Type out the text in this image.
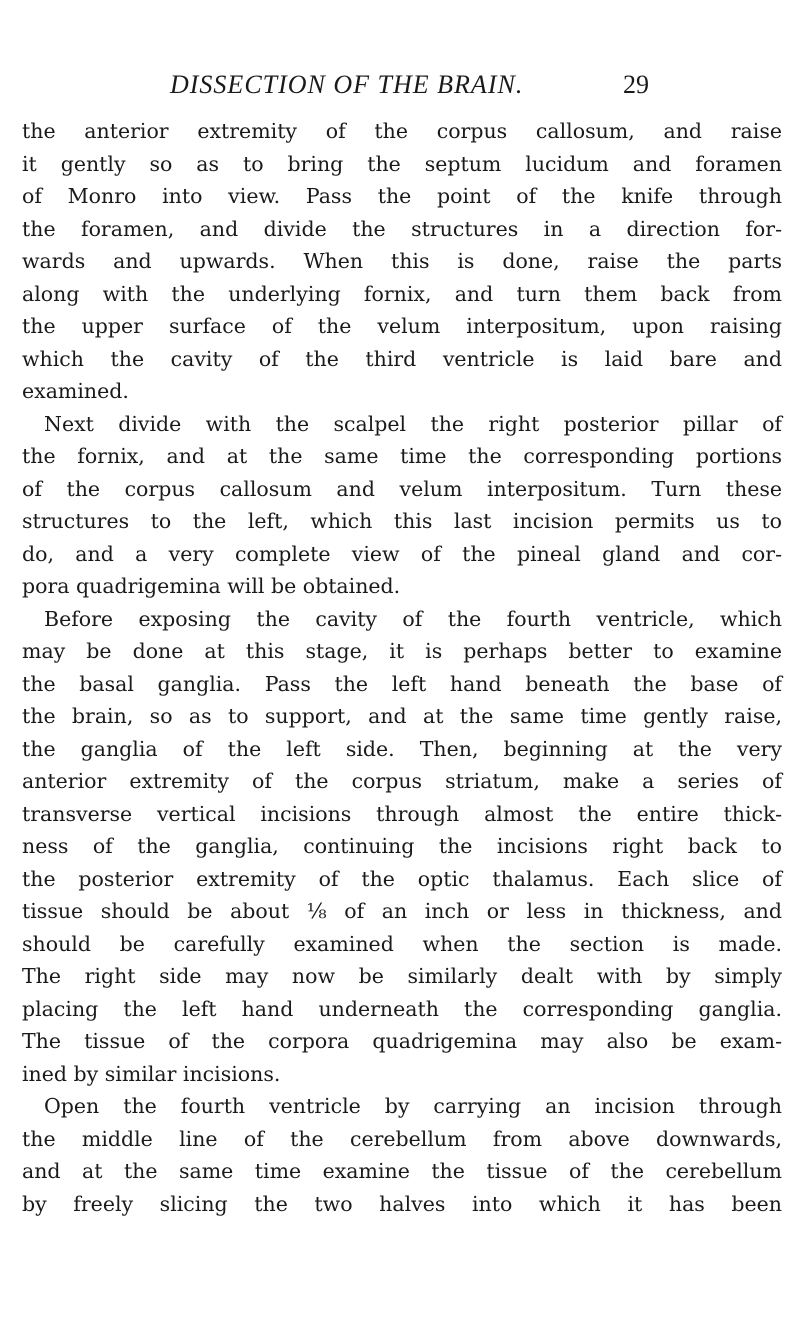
DISSECTION OF THE BRAIN.	29
the anterior extremity of the corpus callosum, and raise
it gently so as to bring the septum lucidum and foramen
of Monro into view. Pass the point of the knife through
the foramen, and divide the structures in a direction for-
wards and upwards. When this is done, raise the parts
along with the underlying fornix, and turn them back from
the upper surface of the velum interpositum, upon raising
which the cavity of the third ventricle is laid bare and
examined.
Next divide with the scalpel the right posterior pillar of
the fornix, and at the same time the corresponding portions
of the corpus callosum and velum interpositum. Turn these
structures to the left, which this last incision permits us to
do, and a very complete view of the pineal gland and cor-
pora quadrigemina will be obtained.
Before exposing the cavity of the fourth ventricle, which
may be done at this stage, it is perhaps better to examine
the basal ganglia. Pass the left hand beneath the base of
the brain, so as to support, and at the same time gently raise,
the ganglia of the left side. Then, beginning at the very
anterior extremity of the corpus striatum, make a series of
transverse vertical incisions through almost the entire thick-
ness of the ganglia, continuing the incisions right back to
the posterior extremity of the optic thalamus. Each slice of
tissue should be about ⅛ of an inch or less in thickness, and
should be carefully examined when the section is made.
The right side may now be similarly dealt with by simply
placing the left hand underneath the corresponding ganglia.
The tissue of the corpora quadrigemina may also be exam-
ined by similar incisions.
Open the fourth ventricle by carrying an incision through
the middle line of the cerebellum from above downwards,
and at the same time examine the tissue of the cerebellum
by freely slicing the two halves into which it has been
